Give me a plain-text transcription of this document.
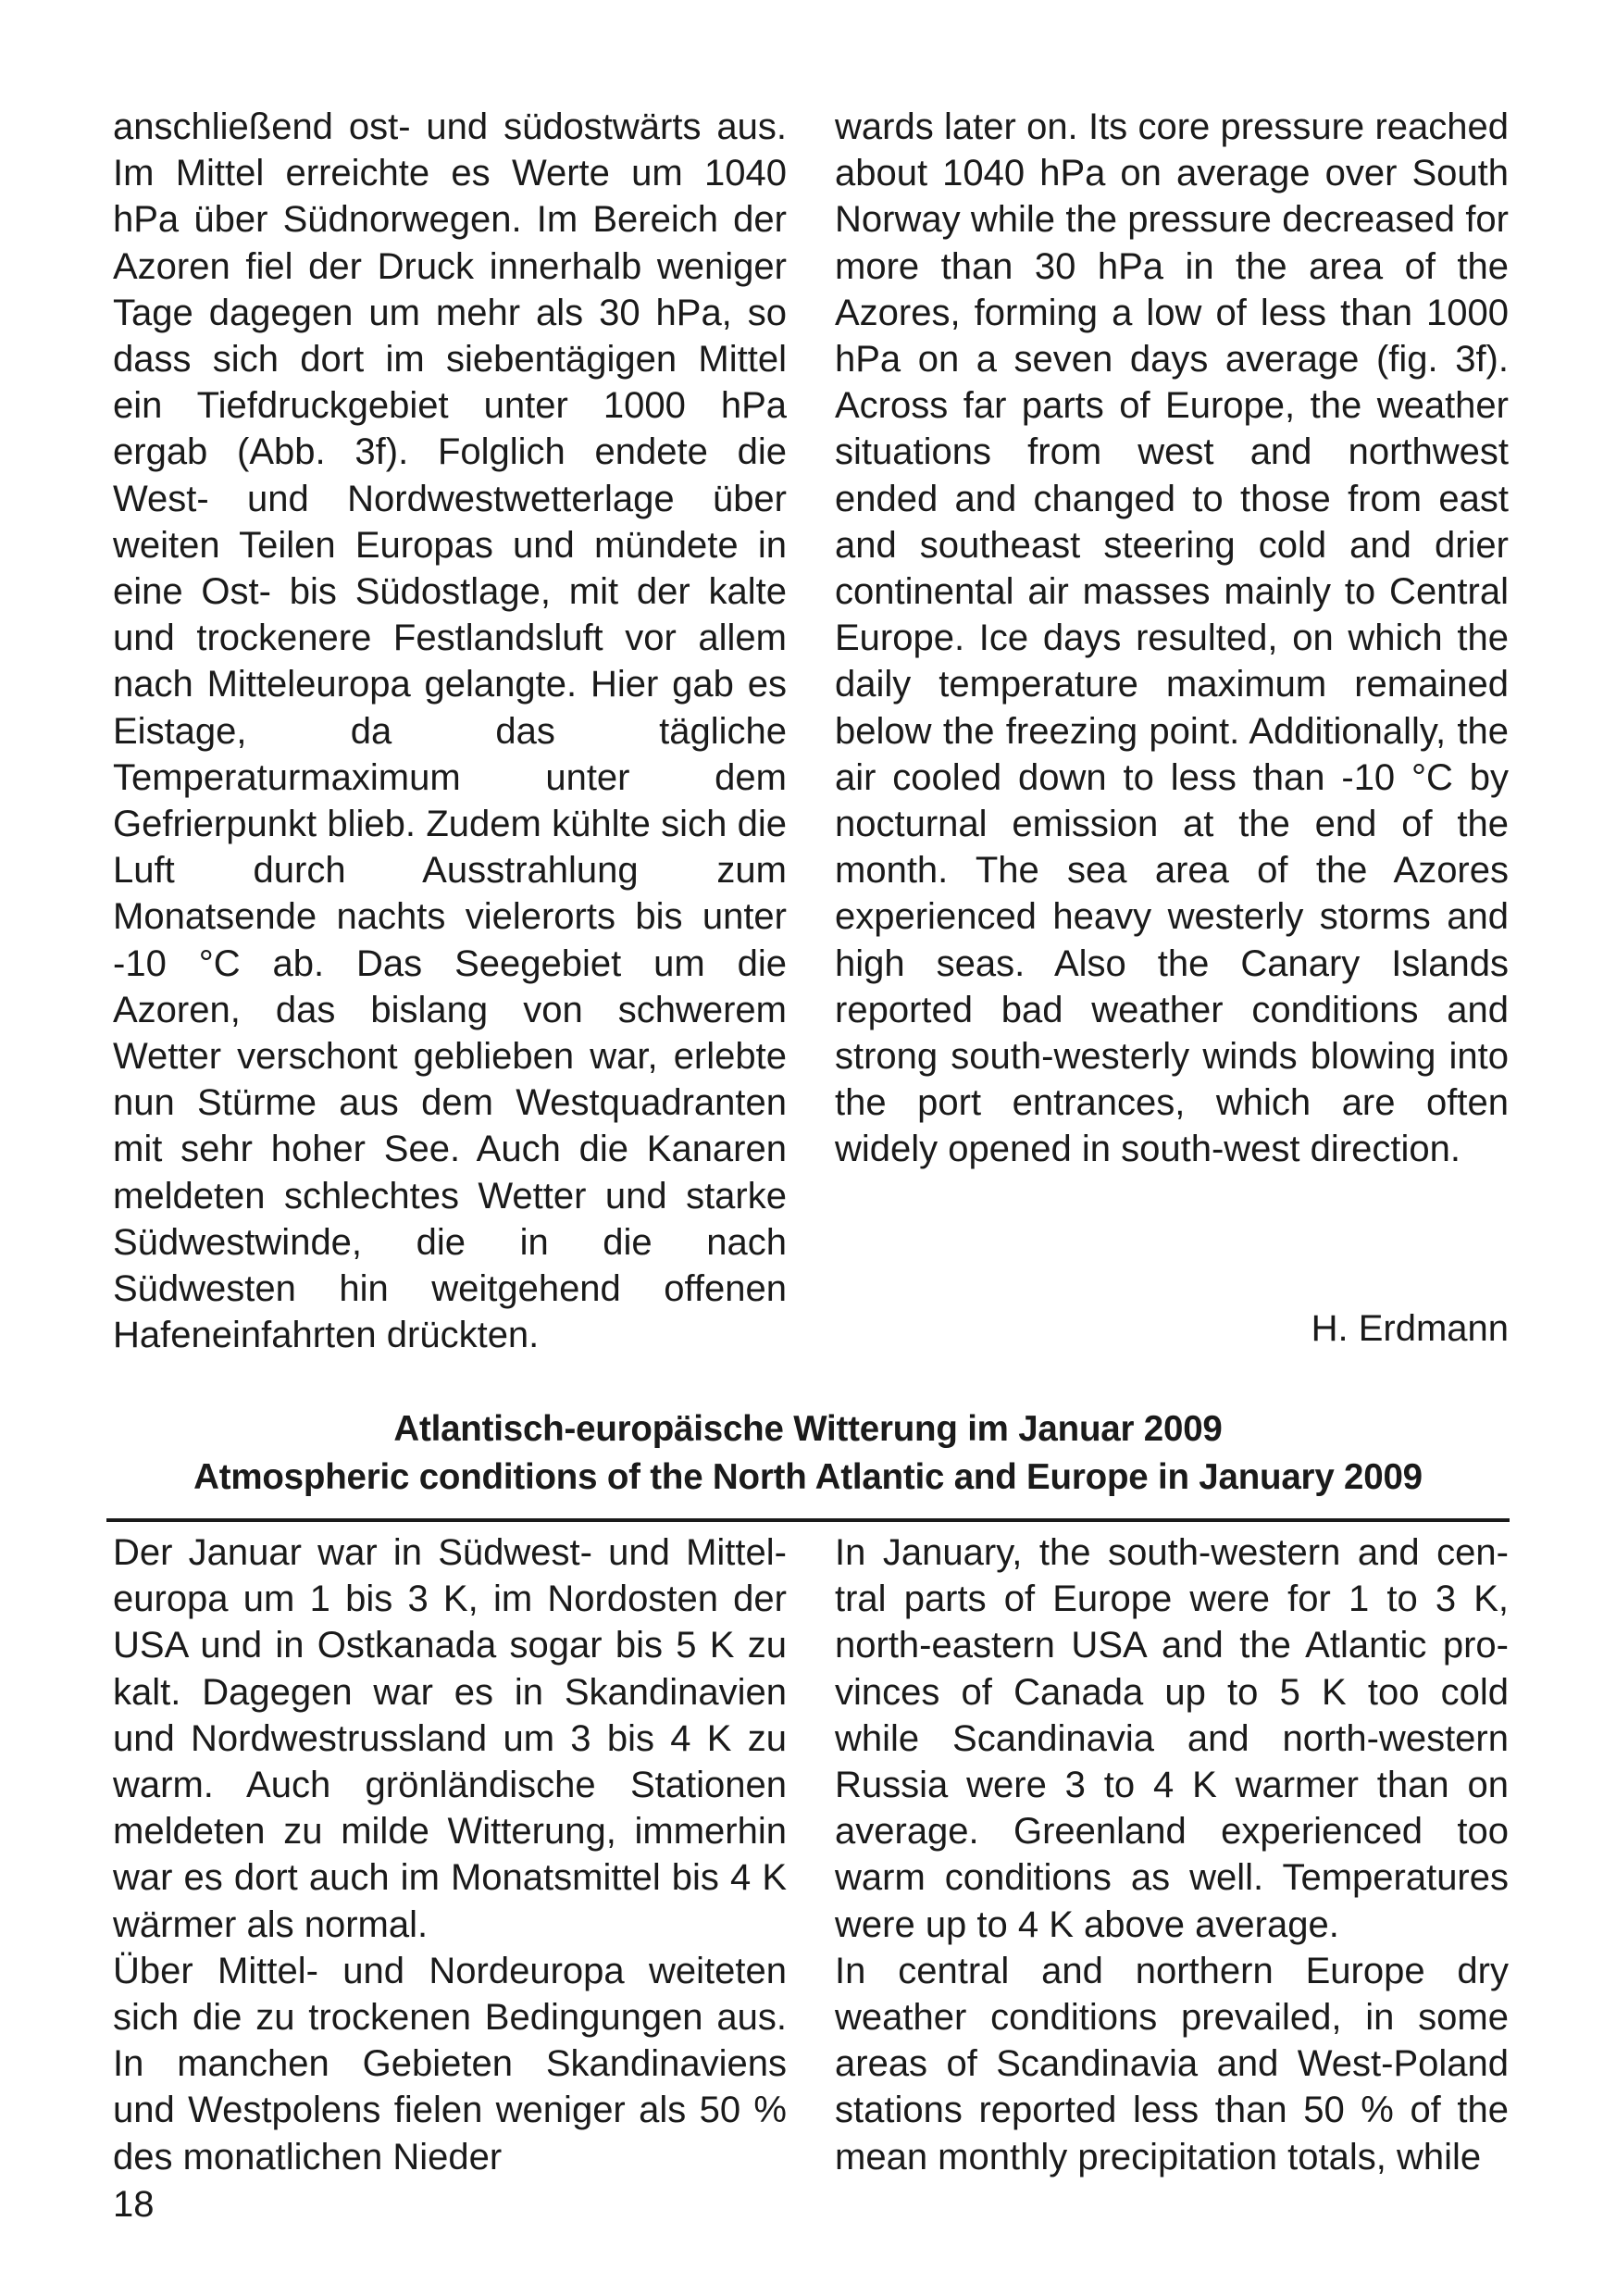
anschließend ost- und südostwärts aus. Im Mittel erreichte es Werte um 1040 hPa über Südnorwegen. Im Bereich der Azoren fiel der Druck innerhalb weniger Tage dagegen um mehr als 30 hPa, so dass sich dort im siebentägigen Mittel ein Tiefdruckgebiet unter 1000 hPa ergab (Abb. 3f). Folglich endete die West- und Nordwestwetterlage über weiten Teilen Europas und mündete in eine Ost- bis Südostlage, mit der kalte und trockenere Festlandsluft vor allem nach Mitteleuropa gelangte. Hier gab es Eistage, da das tägliche Temperaturmaximum unter dem Gefrierpunkt blieb. Zudem kühlte sich die Luft durch Ausstrahlung zum Monatsende nachts vielerorts bis unter -10 °C ab. Das Seegebiet um die Azoren, das bislang von schwerem Wetter verschont geblieben war, erlebte nun Stürme aus dem Westquadranten mit sehr hoher See. Auch die Kanaren meldeten schlechtes Wetter und starke Südwestwinde, die in die nach Südwesten hin weitgehend offenen Hafeneinfahrten drückten.

wards later on. Its core pressure reached about 1040 hPa on average over South Norway while the pressure decreased for more than 30 hPa in the area of the Azores, forming a low of less than 1000 hPa on a seven days average (fig. 3f). Across far parts of Europe, the weather situations from west and northwest ended and changed to those from east and southeast steering cold and drier continental air masses mainly to Central Europe. Ice days resulted, on which the daily temperature maximum remained below the freezing point. Additionally, the air cooled down to less than -10 °C by nocturnal emission at the end of the month. The sea area of the Azores experienced heavy westerly storms and high seas. Also the Canary Islands reported bad weather conditions and strong south-westerly winds blowing into the port entrances, which are often widely opened in south-west direction.

H. Erdmann
Atlantisch-europäische Witterung im Januar 2009
Atmospheric conditions of the North Atlantic and Europe in January 2009

Der Januar war in Südwest- und Mitteleuropa um 1 bis 3 K, im Nordosten der USA und in Ostkanada sogar bis 5 K zu kalt. Dagegen war es in Skandinavien und Nordwestrussland um 3 bis 4 K zu warm. Auch grönländische Stationen meldeten zu milde Witterung, immerhin war es dort auch im Monatsmittel bis 4 K wärmer als normal.

Über Mittel- und Nordeuropa weiteten sich die zu trockenen Bedingungen aus. In manchen Gebieten Skandinaviens und Westpolens fielen weniger als 50 % des monatlichen Nieder

In January, the south-western and central parts of Europe were for 1 to 3 K, north-eastern USA and the Atlantic provinces of Canada up to 5 K too cold while Scandinavia and north-western Russia were 3 to 4 K warmer than on average. Greenland experienced too warm conditions as well. Temperatures were up to 4 K above average.

In central and northern Europe dry weather conditions prevailed, in some areas of Scandinavia and West-Poland stations reported less than 50 % of the mean monthly precipitation totals, while

18
